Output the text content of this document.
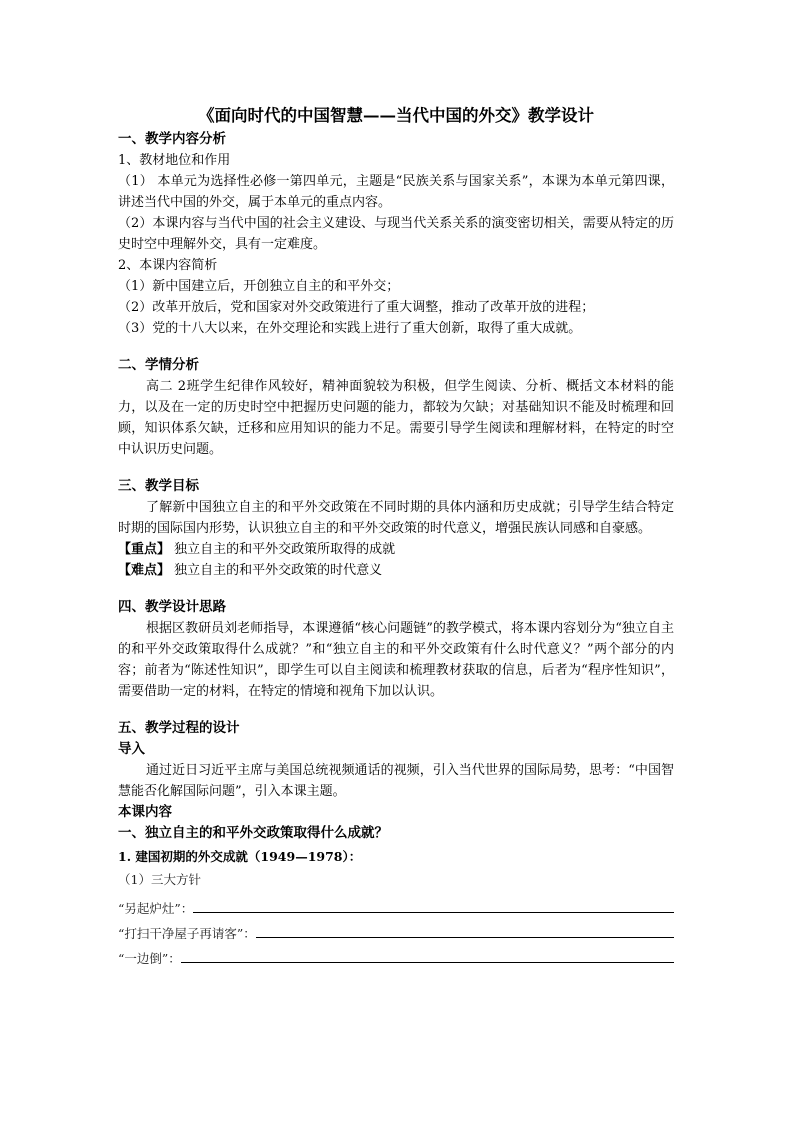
《面向时代的中国智慧——当代中国的外交》教学设计
一、教学内容分析
1、教材地位和作用
（1） 本单元为选择性必修一第四单元，主题是“民族关系与国家关系”，本课为本单元第四课，讲述当代中国的外交，属于本单元的重点内容。
（2）本课内容与当代中国的社会主义建设、与现当代关系关系的演变密切相关，需要从特定的历史时空中理解外交，具有一定难度。
2、本课内容简析
（1）新中国建立后，开创独立自主的和平外交；
（2）改革开放后，党和国家对外交政策进行了重大调整，推动了改革开放的进程；
（3）党的十八大以来，在外交理论和实践上进行了重大创新，取得了重大成就。
二、学情分析
高二 2班学生纪律作风较好，精神面貌较为积极，但学生阅读、分析、概括文本材料的能力，以及在一定的历史时空中把握历史问题的能力，都较为欠缺；对基础知识不能及时梳理和回顾，知识体系欠缺，迁移和应用知识的能力不足。需要引导学生阅读和理解材料，在特定的时空中认识历史问题。
三、教学目标
了解新中国独立自主的和平外交政策在不同时期的具体内涵和历史成就；引导学生结合特定时期的国际国内形势，认识独立自主的和平外交政策的时代意义，增强民族认同感和自豪感。
【重点】 独立自主的和平外交政策所取得的成就
【难点】 独立自主的和平外交政策的时代意义
四、教学设计思路
根据区教研员刘老师指导，本课遵循“核心问题链”的教学模式，将本课内容划分为“独立自主的和平外交政策取得什么成就？”和“独立自主的和平外交政策有什么时代意义？”两个部分的内容；前者为“陈述性知识”，即学生可以自主阅读和梳理教材获取的信息，后者为“程序性知识”，需要借助一定的材料，在特定的情境和视角下加以认识。
五、教学过程的设计
导入
通过近日习近平主席与美国总统视频通话的视频，引入当代世界的国际局势，思考：“中国智慧能否化解国际问题”，引入本课主题。
本课内容
一、独立自主的和平外交政策取得什么成就？
1. 建国初期的外交成就（1949—1978）：
（1）三大方针
“另起炉灶”：
“打扫干净屋子再请客”：
“一边倒”：
